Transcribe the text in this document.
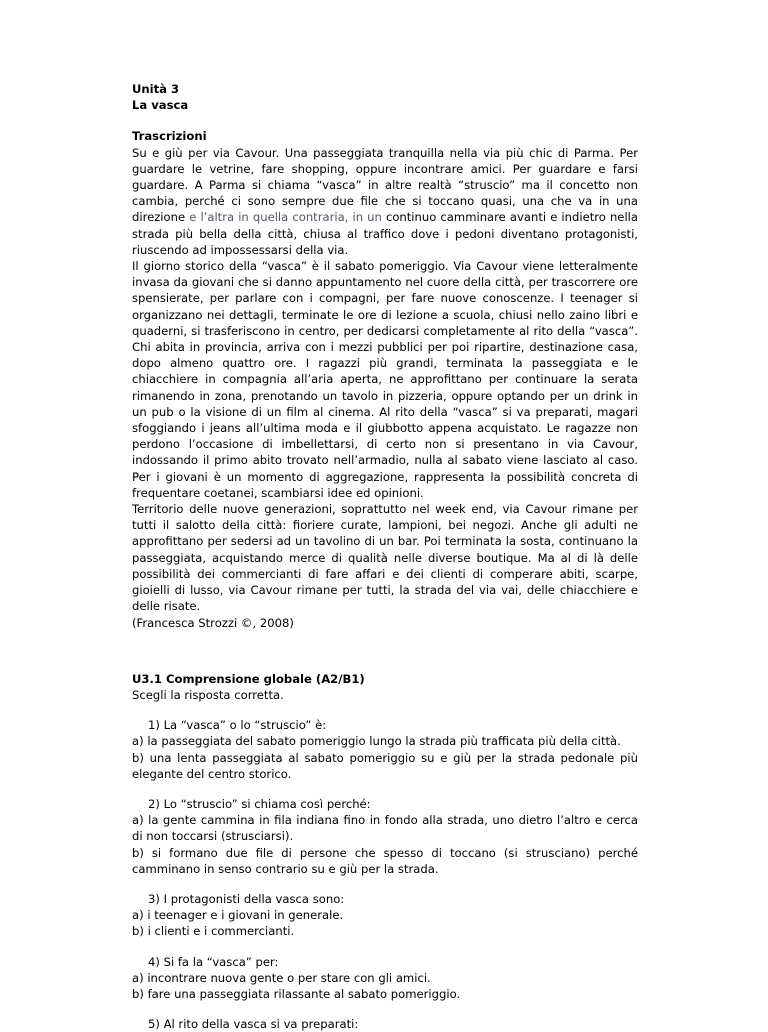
Unità 3
La vasca
Trascrizioni
Su e giù per via Cavour. Una passeggiata tranquilla nella via più chic di Parma. Per guardare le vetrine, fare shopping, oppure incontrare amici. Per guardare e farsi guardare. A Parma si chiama “vasca” in altre realtà “struscio” ma il concetto non cambia, perché ci sono sempre due file che si toccano quasi, una che va in una direzione e l’altra in quella contraria, in un continuo camminare avanti e indietro nella strada più bella della città, chiusa al traffico dove i pedoni diventano protagonisti, riuscendo ad impossessarsi della via.
Il giorno storico della “vasca” è il sabato pomeriggio. Via Cavour viene letteralmente invasa da giovani che si danno appuntamento nel cuore della città, per trascorrere ore spensierate, per parlare con i compagni, per fare nuove conoscenze. I teenager si organizzano nei dettagli, terminate le ore di lezione a scuola, chiusi nello zaino libri e quaderni, si trasferiscono in centro, per dedicarsi completamente al rito della “vasca”. Chi abita in provincia, arriva con i mezzi pubblici per poi ripartire, destinazione casa, dopo almeno quattro ore. I ragazzi più grandi, terminata la passeggiata e le chiacchiere in compagnia all’aria aperta, ne approfittano per continuare la serata rimanendo in zona, prenotando un tavolo in pizzeria, oppure optando per un drink in un pub o la visione di un film al cinema. Al rito della “vasca” si va preparati, magari sfoggiando i jeans all’ultima moda e il giubbotto appena acquistato. Le ragazze non perdono l’occasione di imbellettarsi, di certo non si presentano in via Cavour, indossando il primo abito trovato nell’armadio, nulla al sabato viene lasciato al caso. Per i giovani è un momento di aggregazione, rappresenta la possibilità concreta di frequentare coetanei, scambiarsi idee ed opinioni.
Territorio delle nuove generazioni, soprattutto nel week end, via Cavour rimane per tutti il salotto della città: fioriere curate, lampioni, bei negozi. Anche gli adulti ne approfittano per sedersi ad un tavolino di un bar. Poi terminata la sosta, continuano la passeggiata, acquistando merce di qualità nelle diverse boutique. Ma al di là delle possibilità dei commercianti di fare affari e dei clienti di comperare abiti, scarpe, gioielli di lusso, via Cavour rimane per tutti, la strada del via vai, delle chiacchiere e delle risate.
(Francesca Strozzi ©, 2008)
U3.1 Comprensione globale (A2/B1)
Scegli la risposta corretta.
1) La “vasca” o lo “struscio” è:
a) la passeggiata del sabato pomeriggio lungo la strada più trafficata più della città.
b) una lenta passeggiata al sabato pomeriggio su e giù per la strada pedonale più elegante del centro storico.
2) Lo “struscio” si chiama così perché:
a) la gente cammina in fila indiana fino in fondo alla strada, uno dietro l’altro e cerca di non toccarsi (strusciarsi).
b) si formano due file di persone che spesso di toccano (si strusciano) perché camminano in senso contrario su e giù per la strada.
3) I protagonisti della vasca sono:
a) i teenager e i giovani in generale.
b) i clienti e i commercianti.
4) Si fa la “vasca” per:
a) incontrare nuova gente o per stare con gli amici.
b) fare una passeggiata rilassante al sabato pomeriggio.
5) Al rito della vasca si va preparati:
